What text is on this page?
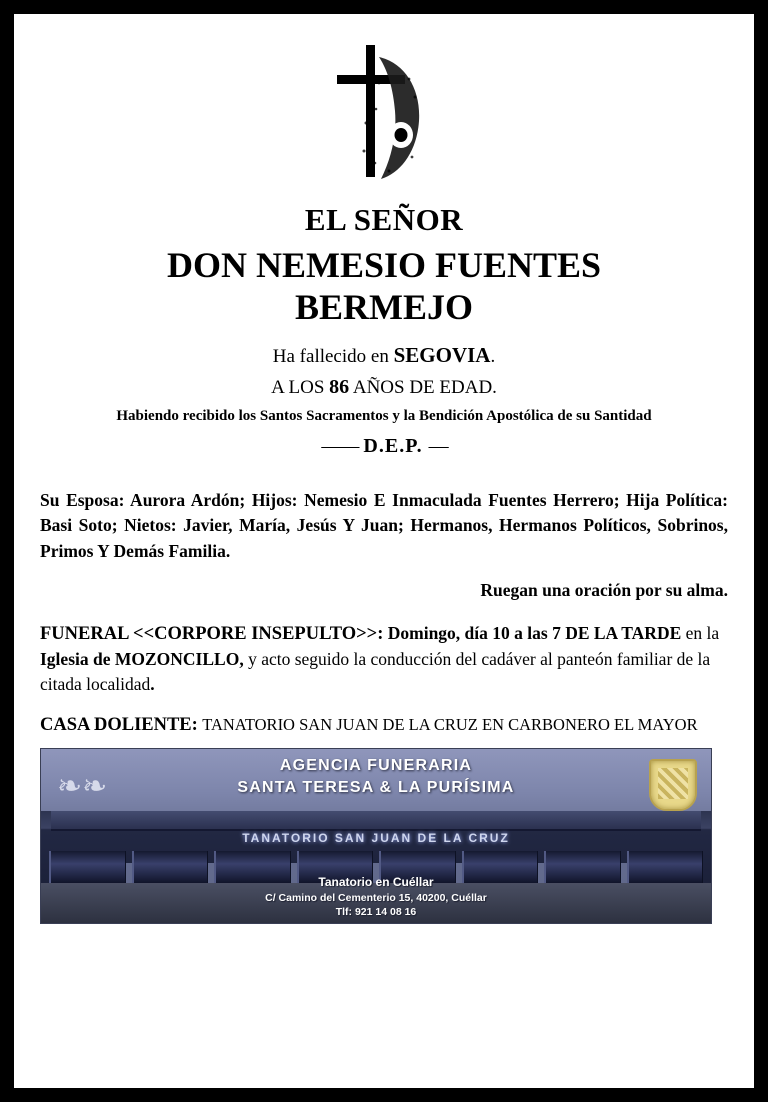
EL SEÑOR
DON NEMESIO FUENTES
BERMEJO
Ha fallecido en SEGOVIA.
A LOS 86 AÑOS DE EDAD.
Habiendo recibido los Santos Sacramentos y la Bendición Apostólica de su Santidad
—— D.E.P. —
Su Esposa: Aurora Ardón; Hijos: Nemesio E Inmaculada Fuentes Herrero; Hija Política: Basi Soto; Nietos: Javier, María, Jesús Y Juan; Hermanos, Hermanos Políticos, Sobrinos, Primos Y Demás Familia.
Ruegan una oración por su alma.
FUNERAL <<CORPORE INSEPULTO>>: Domingo, día 10 a las 7 DE LA TARDE en la Iglesia de MOZONCILLO, y acto seguido la conducción del cadáver al panteón familiar de la citada localidad.
CASA DOLIENTE: TANATORIO SAN JUAN DE LA CRUZ EN CARBONERO EL MAYOR
❧❧
AGENCIA FUNERARIA
SANTA TERESA & LA PURÍSIMA
TANATORIO SAN JUAN DE LA CRUZ
Tanatorio en Cuéllar
C/ Camino del Cementerio 15, 40200, Cuéllar
Tlf: 921 14 08 16
